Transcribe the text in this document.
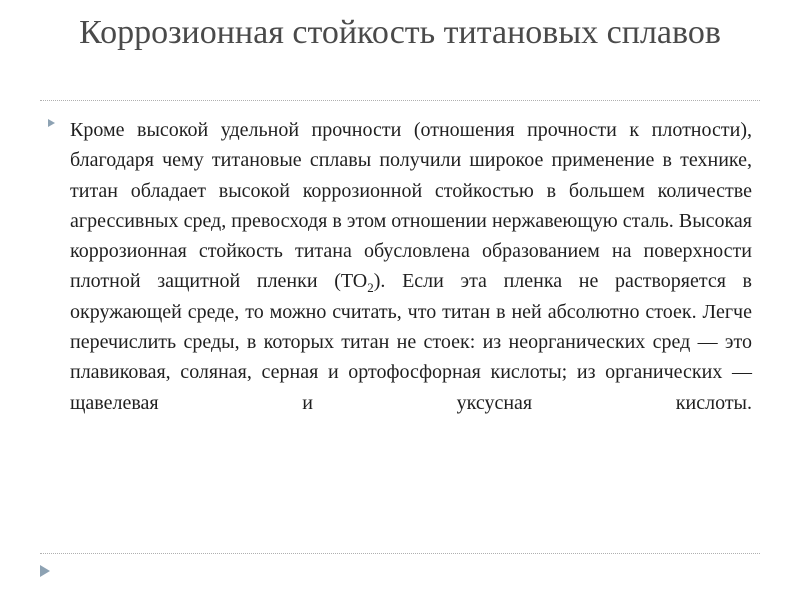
Коррозионная стойкость титановых сплавов

Кроме высокой удельной прочности (отношения прочности к плотности), благодаря чему титановые сплавы получили широкое применение в технике, титан обладает высокой коррозионной стойкостью в большем количестве агрессивных сред, превосходя в этом отношении нержавеющую сталь. Высокая коррозионная стойкость титана обусловлена образованием на поверхности плотной защитной пленки $(ТО_2)$. Если эта пленка не растворяется в окружающей среде, то можно считать, что титан в ней абсолютно стоек. Легче перечислить среды, в которых титан не стоек: из неорганических сред — это плавиковая, соляная, серная и ортофосфорная кислоты; из органических — щавелевая и уксусная кислоты.
